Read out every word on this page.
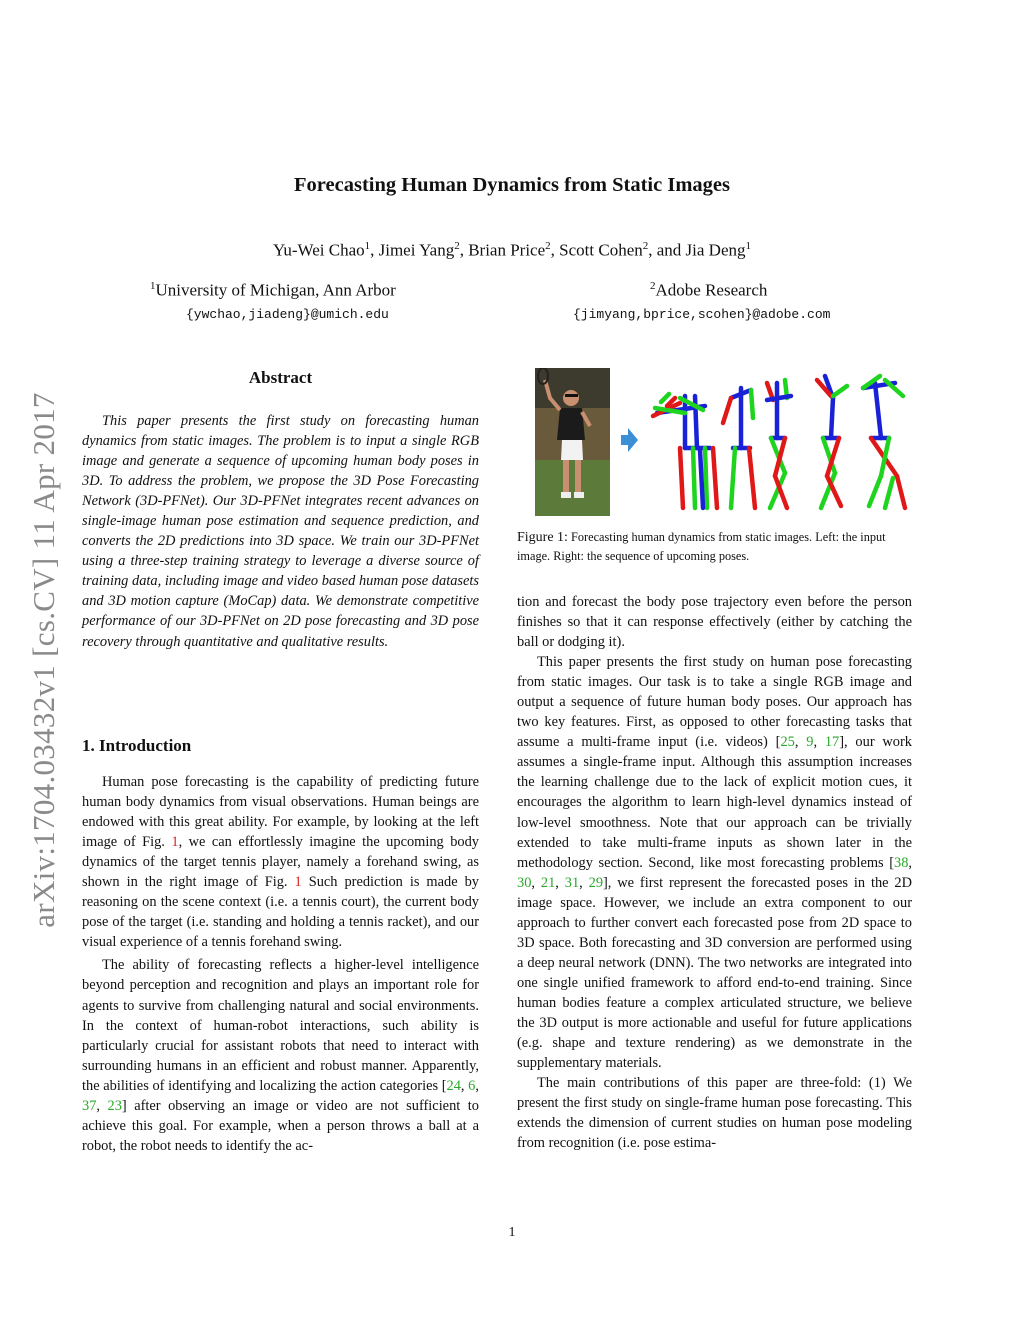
arXiv:1704.03432v1 [cs.CV] 11 Apr 2017
Forecasting Human Dynamics from Static Images
Yu-Wei Chao$^1$, Jimei Yang$^2$, Brian Price$^2$, Scott Cohen$^2$, and Jia Deng$^1$
$^1$University of Michigan, Ann Arbor
{ywchao,jiadeng}@umich.edu
$^2$Adobe Research
{jimyang,bprice,scohen}@adobe.com
Abstract

This paper presents the first study on forecasting human dynamics from static images. The problem is to input a single RGB image and generate a sequence of upcoming human body poses in 3D. To address the problem, we propose the 3D Pose Forecasting Network (3D-PFNet). Our 3D-PFNet integrates recent advances on single-image human pose estimation and sequence prediction, and converts the 2D predictions into 3D space. We train our 3D-PFNet using a three-step training strategy to leverage a diverse source of training data, including image and video based human pose datasets and 3D motion capture (MoCap) data. We demonstrate competitive performance of our 3D-PFNet on 2D pose forecasting and 3D pose recovery through quantitative and qualitative results.

1. Introduction

Human pose forecasting is the capability of predicting future human body dynamics from visual observations. Human beings are endowed with this great ability. For example, by looking at the left image of Fig. 1, we can effortlessly imagine the upcoming body dynamics of the target tennis player, namely a forehand swing, as shown in the right image of Fig. 1 Such prediction is made by reasoning on the scene context (i.e. a tennis court), the current body pose of the target (i.e. standing and holding a tennis racket), and our visual experience of a tennis forehand swing.

The ability of forecasting reflects a higher-level intelligence beyond perception and recognition and plays an important role for agents to survive from challenging natural and social environments. In the context of human-robot interactions, such ability is particularly crucial for assistant robots that need to interact with surrounding humans in an efficient and robust manner. Apparently, the abilities of identifying and localizing the action categories [24, 6, 37, 23] after observing an image or video are not sufficient to achieve this goal. For example, when a person throws a ball at a robot, the robot needs to identify the ac-

Figure 1: Forecasting human dynamics from static images. Left: the input image. Right: the sequence of upcoming poses.

tion and forecast the body pose trajectory even before the person finishes so that it can response effectively (either by catching the ball or dodging it).

This paper presents the first study on human pose forecasting from static images. Our task is to take a single RGB image and output a sequence of future human body poses. Our approach has two key features. First, as opposed to other forecasting tasks that assume a multi-frame input (i.e. videos) [25, 9, 17], our work assumes a single-frame input. Although this assumption increases the learning challenge due to the lack of explicit motion cues, it encourages the algorithm to learn high-level dynamics instead of low-level smoothness. Note that our approach can be trivially extended to take multi-frame inputs as shown later in the methodology section. Second, like most forecasting problems [38, 30, 21, 31, 29], we first represent the forecasted poses in the 2D image space. However, we include an extra component to our approach to further convert each forecasted pose from 2D space to 3D space. Both forecasting and 3D conversion are performed using a deep neural network (DNN). The two networks are integrated into one single unified framework to afford end-to-end training. Since human bodies feature a complex articulated structure, we believe the 3D output is more actionable and useful for future applications (e.g. shape and texture rendering) as we demonstrate in the supplementary materials.

The main contributions of this paper are three-fold: (1) We present the first study on single-frame human pose forecasting. This extends the dimension of current studies on human pose modeling from recognition (i.e. pose estima-

1
